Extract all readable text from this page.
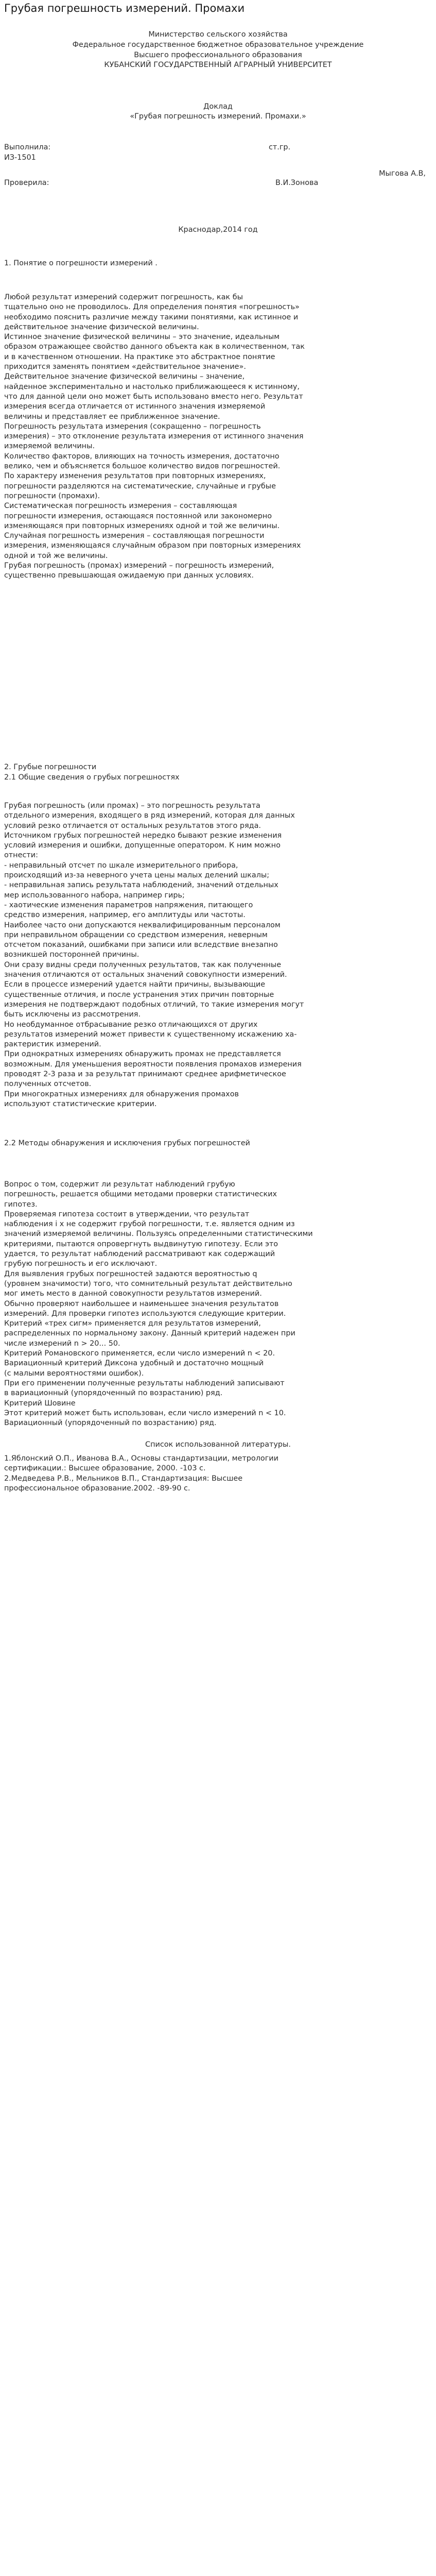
Грубая погрешность измерений. Промахи
Министерство сельского хозяйства
Федеральное государственное бюджетное образовательное учреждение
Высшего профессионального образования
КУБАНСКИЙ ГОСУДАРСТВЕННЫЙ АГРАРНЫЙ УНИВЕРСИТЕТ
Доклад
«Грубая погрешность измерений. Промахи.»
Выполнила:	ст.гр.
ИЗ-1501
Мыгова А.В,
Проверила:	В.И.Зонова
Краснодар,2014 год
1. Понятие о погрешности измерений .
Любой результат измерений содержит погрешность, как бы
тщательно оно не проводилось. Для определения понятия «погрешность»
необходимо пояснить различие между такими понятиями, как истинное и
действительное значение физической величины.
Истинное значение физической величины – это значение, идеальным
образом отражающее свойство данного объекта как в количественном, так
и в качественном отношении. На практике это абстрактное понятие
приходится заменять понятием «действительное значение».
Действительное значение физической величины – значение,
найденное экспериментально и настолько приближающееся к истинному,
что для данной цели оно может быть использовано вместо него. Результат
измерения всегда отличается от истинного значения измеряемой
величины и представляет ее приближенное значение.
Погрешность результата измерения (сокращенно – погрешность
измерения) – это отклонение результата измерения от истинного значения
измеряемой величины.
Количество факторов, влияющих на точность измерения, достаточно
велико, чем и объясняется большое количество видов погрешностей.
По характеру изменения результатов при повторных измерениях,
погрешности разделяются на систематические, случайные и грубые
погрешности (промахи).
Систематическая погрешность измерения – составляющая
погрешности измерения, остающаяся постоянной или закономерно
изменяющаяся при повторных измерениях одной и той же величины.
Случайная погрешность измерения – составляющая погрешности
измерения, изменяющаяся случайным образом при повторных измерениях
одной и той же величины.
Грубая погрешность (промах) измерений – погрешность измерений,
существенно превышающая ожидаемую при данных условиях.
2. Грубые погрешности
2.1 Общие сведения о грубых погрешностях
Грубая погрешность (или промах) – это погрешность результата
отдельного измерения, входящего в ряд измерений, которая для данных
условий резко отличается от остальных результатов этого ряда.
Источником грубых погрешностей нередко бывают резкие изменения
условий измерения и ошибки, допущенные оператором. К ним можно
отнести:
- неправильный отсчет по шкале измерительного прибора,
происходящий из-за неверного учета цены малых делений шкалы;
- неправильная запись результата наблюдений, значений отдельных
мер использованного набора, например гирь;
- хаотические изменения параметров напряжения, питающего
средство измерения, например, его амплитуды или частоты.
Наиболее часто они допускаются неквалифицированным персоналом
при неправильном обращении со средством измерения, неверным
отсчетом показаний, ошибками при записи или вследствие внезапно
возникшей посторонней причины.
Они сразу видны среди полученных результатов, так как полученные
значения отличаются от остальных значений совокупности измерений.
Если в процессе измерений удается найти причины, вызывающие
существенные отличия, и после устранения этих причин повторные
измерения не подтверждают подобных отличий, то такие измерения могут
быть исключены из рассмотрения.
Но необдуманное отбрасывание резко отличающихся от других
результатов измерений может привести к существенному искажению ха-
рактеристик измерений.
При однократных измерениях обнаружить промах не представляется
возможным. Для уменьшения вероятности появления промахов измерения
проводят 2-3 раза и за результат принимают среднее арифметическое
полученных отсчетов.
При многократных измерениях для обнаружения промахов
используют статистические критерии.
2.2 Методы обнаружения и исключения грубых погрешностей
Вопрос о том, содержит ли результат наблюдений грубую
погрешность, решается общими методами проверки статистических
гипотез.
Проверяемая гипотеза состоит в утверждении, что результат
наблюдения i х не содержит грубой погрешности, т.е. является одним из
значений измеряемой величины. Пользуясь определенными статистическими
критериями, пытаются опровергнуть выдвинутую гипотезу. Если это
удается, то результат наблюдений рассматривают как содержащий
грубую погрешность и его исключают.
Для выявления грубых погрешностей задаются вероятностью q
(уровнем значимости) того, что сомнительный результат действительно
мог иметь место в данной совокупности результатов измерений.
Обычно проверяют наибольшее и наименьшее значения результатов
измерений. Для проверки гипотез используются следующие критерии.
Критерий «трех сигм» применяется для результатов измерений,
распределенных по нормальному закону. Данный критерий надежен при
числе измерений n > 20... 50.
Критерий Романовского применяется, если число измерений n < 20.
Вариационный критерий Диксона удобный и достаточно мощный
(с малыми вероятностями ошибок).
При его применении полученные результаты наблюдений записывают
в вариационный (упорядоченный по возрастанию) ряд.
Критерий Шовине
Этот критерий может быть использован, если число измерений n < 10.
Вариационный (упорядоченный по возрастанию) ряд.
Список использованной литературы.
1.Яблонский О.П., Иванова В.А., Основы стандартизации, метрологии
сертификации.: Высшее образование, 2000. -103 с.
2.Медведева Р.В., Мельников В.П., Стандартизация: Высшее
профессиональное образование.2002. -89-90 с.
